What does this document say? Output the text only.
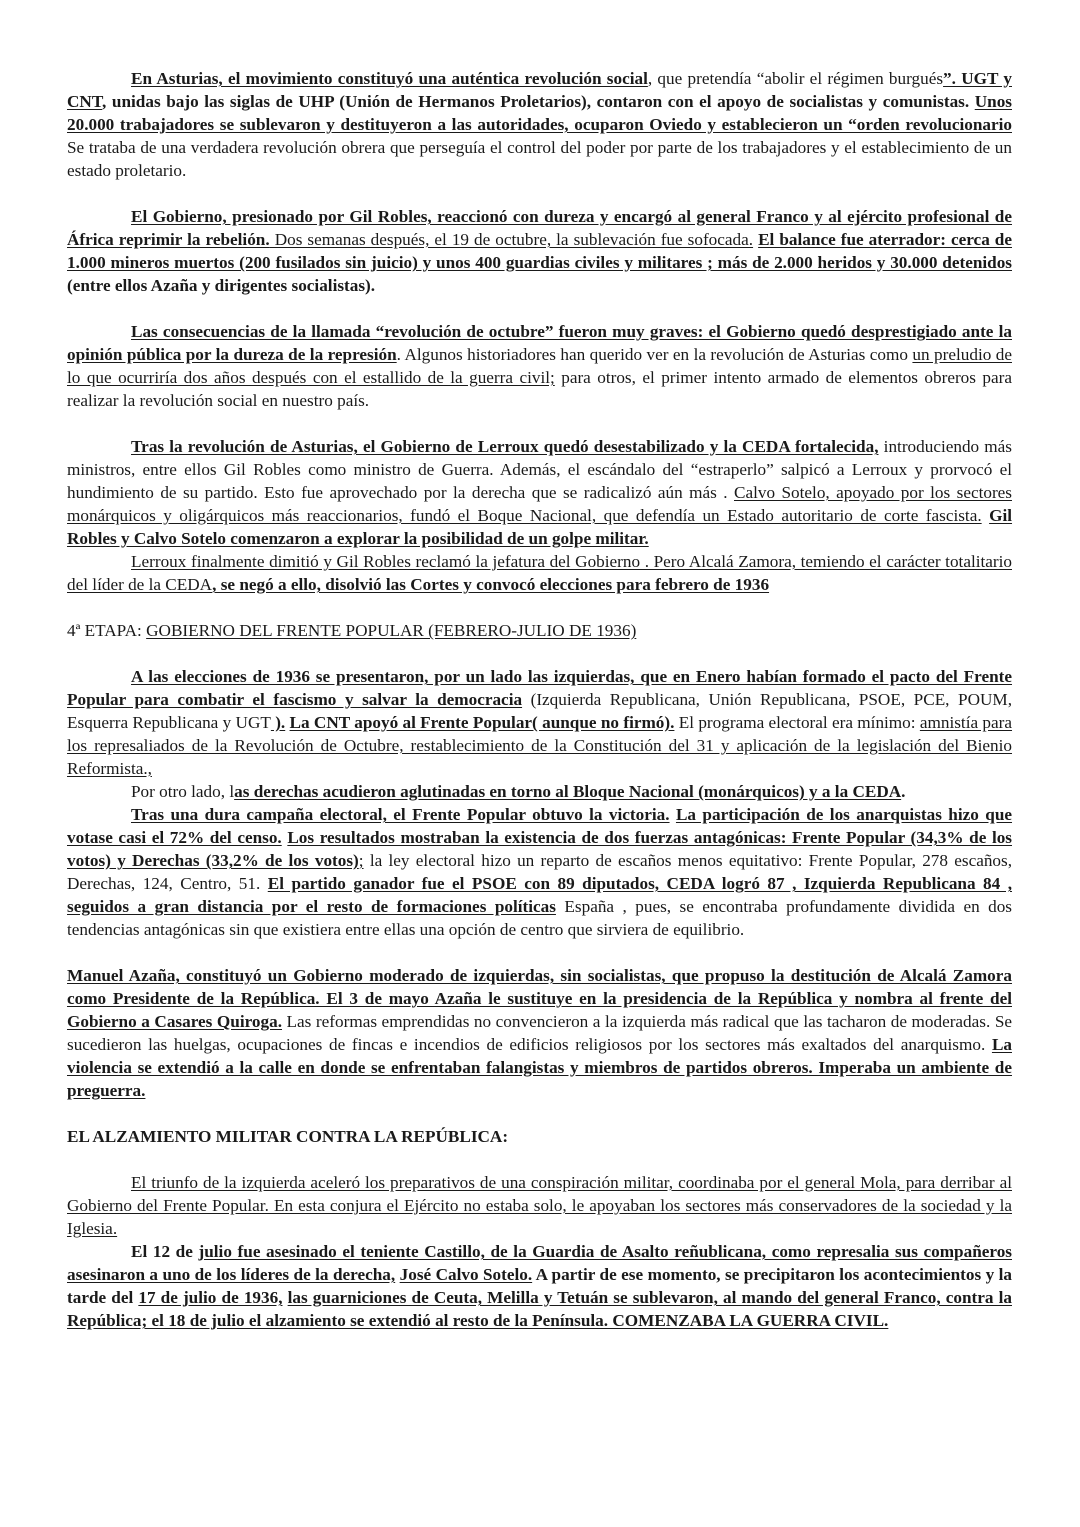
En Asturias, el movimiento constituyó una auténtica revolución social, que pretendía “abolir el régimen burgués”. UGT y CNT, unidas bajo las siglas de UHP (Unión de Hermanos Proletarios), contaron con el apoyo de socialistas y comunistas. Unos 20.000 trabajadores se sublevaron y destituyeron a las autoridades, ocuparon Oviedo y establecieron un “orden revolucionario Se trataba de una verdadera revolución obrera que perseguía el control del poder por parte de los trabajadores y el establecimiento de un estado proletario.

El Gobierno, presionado por Gil Robles, reaccionó con dureza y encargó al general Franco y al ejército profesional de África reprimir la rebelión. Dos semanas después, el 19 de octubre, la sublevación fue sofocada. El balance fue aterrador: cerca de 1.000 mineros muertos (200 fusilados sin juicio) y unos 400 guardias civiles y militares ; más de 2.000 heridos y 30.000 detenidos (entre ellos Azaña y dirigentes socialistas).

Las consecuencias de la llamada “revolución de octubre” fueron muy graves: el Gobierno quedó desprestigiado ante la opinión pública por la dureza de la represión. Algunos historiadores han querido ver en la revolución de Asturias como un preludio de lo que ocurriría dos años después con el estallido de la guerra civil; para otros, el primer intento armado de elementos obreros para realizar la revolución social en nuestro país.

Tras la revolución de Asturias, el Gobierno de Lerroux quedó desestabilizado y la CEDA fortalecida, introduciendo más ministros, entre ellos Gil Robles como ministro de Guerra. Además, el escándalo del “estraperlo” salpicó a Lerroux y prorvocó el hundimiento de su partido. Esto fue aprovechado por la derecha que se radicalizó aún más . Calvo Sotelo, apoyado por los sectores monárquicos y oligárquicos más reaccionarios, fundó el Boque Nacional, que defendía un Estado autoritario de corte fascista. Gil Robles y Calvo Sotelo comenzaron a explorar la posibilidad de un golpe militar.

Lerroux finalmente dimitió y Gil Robles reclamó la jefatura del Gobierno . Pero Alcalá Zamora, temiendo el carácter totalitario del líder de la CEDA, se negó a ello, disolvió las Cortes y convocó elecciones para febrero de 1936

4ª ETAPA: GOBIERNO DEL FRENTE POPULAR (FEBRERO-JULIO DE 1936)

A las elecciones de 1936 se presentaron, por un lado las izquierdas, que en Enero habían formado el pacto del Frente Popular para combatir el fascismo y salvar la democracia (Izquierda Republicana, Unión Republicana, PSOE, PCE, POUM, Esquerra Republicana y UGT ). La CNT apoyó al Frente Popular( aunque no firmó). El programa electoral era mínimo: amnistía para los represaliados de la Revolución de Octubre, restablecimiento de la Constitución del 31 y aplicación de la legislación del Bienio Reformista.,

Por otro lado, las derechas acudieron aglutinadas en torno al Bloque Nacional (monárquicos) y a la CEDA.

Tras una dura campaña electoral, el Frente Popular obtuvo la victoria. La participación de los anarquistas hizo que votase casi el 72% del censo. Los resultados mostraban la existencia de dos fuerzas antagónicas: Frente Popular (34,3% de los votos) y Derechas (33,2% de los votos); la ley electoral hizo un reparto de escaños menos equitativo: Frente Popular, 278 escaños, Derechas, 124, Centro, 51. El partido ganador fue el PSOE con 89 diputados, CEDA logró 87 , Izquierda Republicana 84 , seguidos a gran distancia por el resto de formaciones políticas España , pues, se encontraba profundamente dividida en dos tendencias antagónicas sin que existiera entre ellas una opción de centro que sirviera de equilibrio.

Manuel Azaña, constituyó un Gobierno moderado de izquierdas, sin socialistas, que propuso la destitución de Alcalá Zamora como Presidente de la República. El 3 de mayo Azaña le sustituye en la presidencia de la República y nombra al frente del Gobierno a Casares Quiroga. Las reformas emprendidas no convencieron a la izquierda más radical que las tacharon de moderadas. Se sucedieron las huelgas, ocupaciones de fincas e incendios de edificios religiosos por los sectores más exaltados del anarquismo. La violencia se extendió a la calle en donde se enfrentaban falangistas y miembros de partidos obreros. Imperaba un ambiente de preguerra.

EL ALZAMIENTO MILITAR CONTRA LA REPÚBLICA:

El triunfo de la izquierda aceleró los preparativos de una conspiración militar, coordinaba por el general Mola, para derribar al Gobierno del Frente Popular. En esta conjura el Ejército no estaba solo, le apoyaban los sectores más conservadores de la sociedad y la Iglesia.

El 12 de julio fue asesinado el teniente Castillo, de la Guardia de Asalto reñublicana, como represalia sus compañeros asesinaron a uno de los líderes de la derecha, José Calvo Sotelo. A partir de ese momento, se precipitaron los acontecimientos y la tarde del 17 de julio de 1936, las guarniciones de Ceuta, Melilla y Tetuán se sublevaron, al mando del general Franco, contra la República; el 18 de julio el alzamiento se extendió al resto de la Península. COMENZABA LA GUERRA CIVIL.
